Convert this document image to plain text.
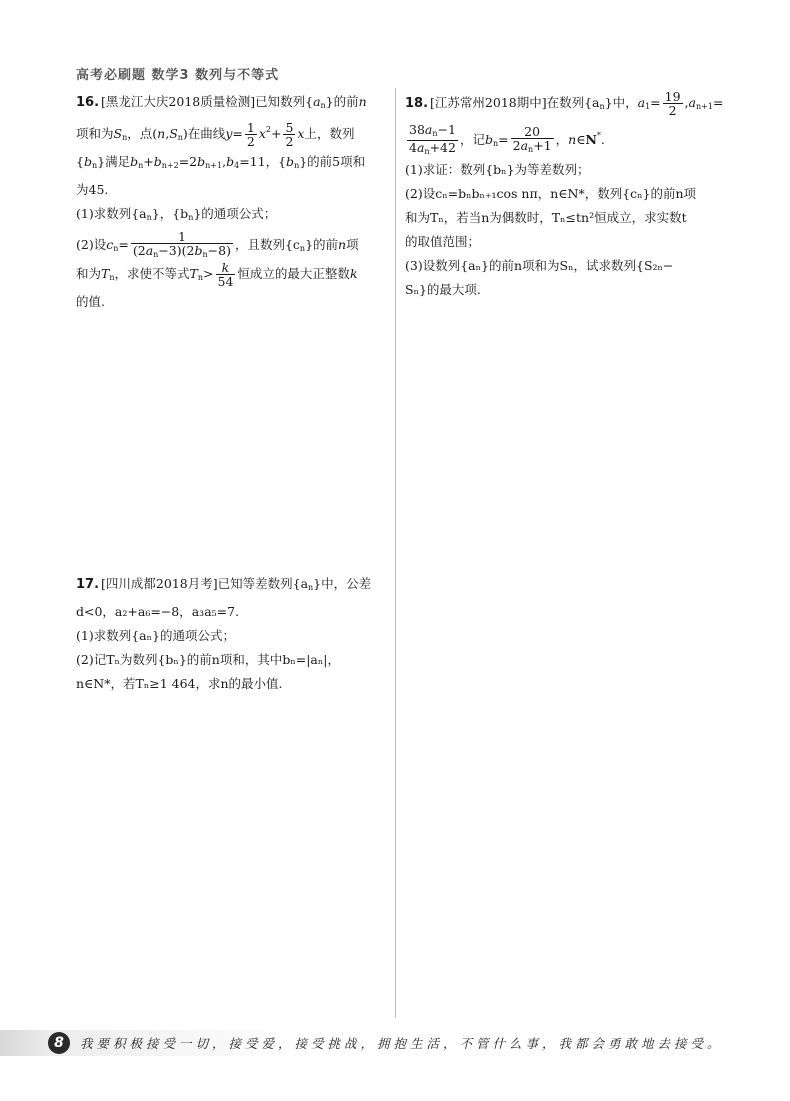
高考必刷题 数学3 数列与不等式
16. [黑龙江大庆2018质量检测]已知数列$\{a_n\}$的前n
项和为$S_n$，点$(n,S_n)$在曲线$y= \frac{1}{2} x^2+ \frac{5}{2}$ x上，数列
$\{b_n\}$满足$b_n+b_{n+2}=2b_{n+1},b_4=11$，$\{b_n\}$的前5项和
为45.
(1)求数列$\{a_n\}$，$\{b_n\}$的通项公式；
(2)设$c_n= \frac{1}{(2a_n-3)(2b_n-8)}$ ，且数列$\{c_n\}$的前n项
和为$T_n$，求使不等式$T_n> \frac{k}{54}$ 恒成立的最大正整数k
的值.
17. [四川成都2018月考]已知等差数列$\{a_n\}$中，公差
d<0，a₂+a₆=−8，a₃a₅=7.
(1)求数列{aₙ}的通项公式；
(2)记Tₙ为数列{bₙ}的前n项和，其中bₙ=|aₙ|，
n∈N*，若Tₙ≥1 464，求n的最小值.
18. [江苏常州2018期中]在数列$\{a_n\}$中，$a_1= \frac{19}{2} ,a_{n+1}=$
$\frac{38a_n-1}{4a_n+42}$ ，记$b_n= \frac{20}{2a_n+1}$ ，n∈N*.
(1)求证：数列{bₙ}为等差数列；
(2)设cₙ=bₙbₙ₊₁cos nπ，n∈N*，数列{cₙ}的前n项
和为Tₙ，若当n为偶数时，Tₙ≤tn²恒成立，求实数t
的取值范围；
(3)设数列{aₙ}的前n项和为Sₙ，试求数列{S₂ₙ−
Sₙ}的最大项.
8	我要积极接受一切，接受爱，接受挑战，拥抱生活，不管什么事，我都会勇敢地去接受。
